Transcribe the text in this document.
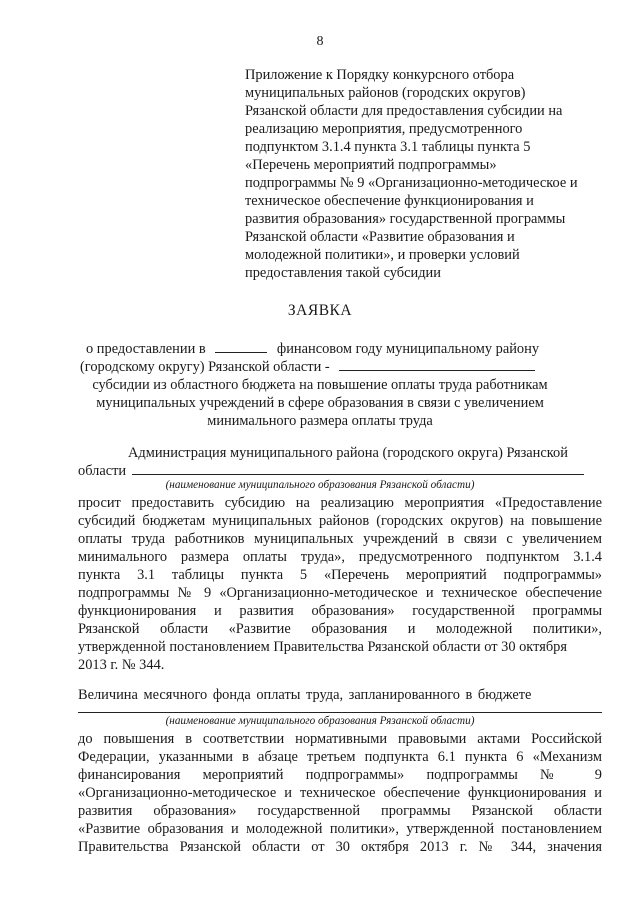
8
Приложение к Порядку конкурсного отбора
муниципальных районов (городских округов)
Рязанской области для предоставления субсидии на
реализацию мероприятия, предусмотренного
подпунктом 3.1.4 пункта 3.1 таблицы пункта 5
«Перечень мероприятий подпрограммы»
подпрограммы № 9 «Организационно-методическое и
техническое обеспечение функционирования и
развития образования» государственной программы
Рязанской области «Развитие образования и
молодежной политики», и проверки условий
предоставления такой субсидии
ЗАЯВКА
о предоставлении в	финансовом году муниципальному району
(городскому округу) Рязанской области -
субсидии из областного бюджета на повышение оплаты труда работникам
муниципальных учреждений в сфере образования в связи с увеличением
минимального размера оплаты труда
Администрация муниципального района (городского округа) Рязанской
области
(наименование муниципального образования Рязанской области)
просит предоставить субсидию на реализацию мероприятия «Предоставление
субсидий бюджетам муниципальных районов (городских округов) на повышение
оплаты труда работников муниципальных учреждений в связи с увеличением
минимального размера оплаты труда», предусмотренного подпунктом 3.1.4
пункта 3.1 таблицы пункта 5 «Перечень мероприятий подпрограммы»
подпрограммы № 9 «Организационно-методическое и техническое обеспечение
функционирования и развития образования» государственной программы
Рязанской области «Развитие образования и молодежной политики»,
утвержденной постановлением Правительства Рязанской области от 30 октября
2013 г. № 344.
Величина месячного фонда оплаты труда, запланированного в бюджете
(наименование муниципального образования Рязанской области)
до повышения в соответствии нормативными правовыми актами Российской
Федерации, указанными в абзаце третьем подпункта 6.1 пункта 6 «Механизм
финансирования мероприятий подпрограммы» подпрограммы № 9
«Организационно-методическое и техническое обеспечение функционирования и
развития образования» государственной программы Рязанской области
«Развитие образования и молодежной политики», утвержденной постановлением
Правительства Рязанской области от 30 октября 2013 г. № 344, значения
